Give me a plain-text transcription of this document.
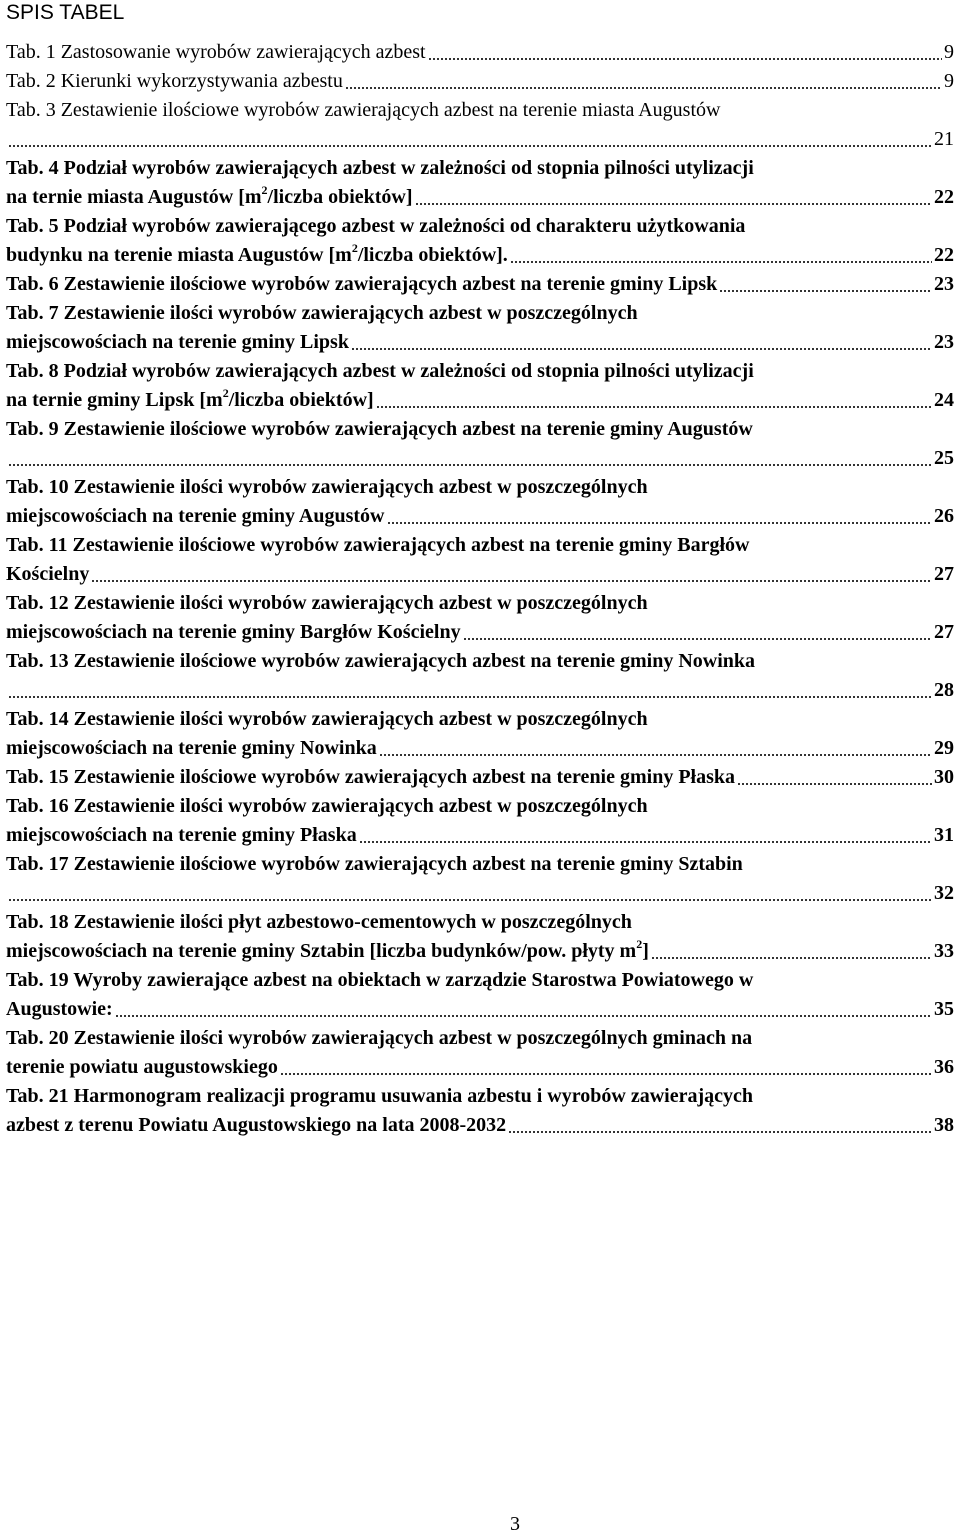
SPIS TABEL
Tab. 1 Zastosowanie wyrobów zawierających azbest	9
Tab. 2 Kierunki wykorzystywania azbestu	9
Tab. 3 Zestawienie ilościowe wyrobów zawierających azbest na terenie miasta Augustów
21
Tab. 4 Podział wyrobów zawierających azbest w zależności od stopnia pilności utylizacji
na ternie miasta Augustów [$m^2$/liczba obiektów]	22
Tab. 5 Podział wyrobów zawierającego azbest w zależności od charakteru użytkowania
budynku na terenie miasta Augustów [$m^2$/liczba obiektów].	22
Tab. 6 Zestawienie ilościowe wyrobów zawierających azbest na terenie gminy Lipsk	23
Tab. 7 Zestawienie ilości wyrobów zawierających azbest w poszczególnych
miejscowościach na terenie gminy Lipsk	23
Tab. 8 Podział wyrobów zawierających azbest w zależności od stopnia pilności utylizacji
na ternie gminy Lipsk [$m^2$/liczba obiektów]	24
Tab. 9 Zestawienie ilościowe wyrobów zawierających azbest na terenie gminy Augustów
25
Tab. 10 Zestawienie ilości wyrobów zawierających azbest w poszczególnych
miejscowościach na terenie gminy Augustów	26
Tab. 11 Zestawienie ilościowe wyrobów zawierających azbest na terenie gminy Bargłów
Kościelny	27
Tab. 12 Zestawienie ilości wyrobów zawierających azbest w poszczególnych
miejscowościach na terenie gminy Bargłów Kościelny	27
Tab. 13 Zestawienie ilościowe wyrobów zawierających azbest na terenie gminy Nowinka
28
Tab. 14 Zestawienie ilości wyrobów zawierających azbest w poszczególnych
miejscowościach na terenie gminy Nowinka	29
Tab. 15 Zestawienie ilościowe wyrobów zawierających azbest na terenie gminy Płaska	30
Tab. 16 Zestawienie ilości wyrobów zawierających azbest w poszczególnych
miejscowościach na terenie gminy Płaska	31
Tab. 17 Zestawienie ilościowe wyrobów zawierających azbest na terenie gminy Sztabin
32
Tab. 18 Zestawienie ilości płyt azbestowo-cementowych w poszczególnych
miejscowościach na terenie gminy Sztabin [liczba budynków/pow. płyty $m^2$]	33
Tab. 19 Wyroby zawierające azbest na obiektach w zarządzie Starostwa Powiatowego w
Augustowie:	35
Tab. 20 Zestawienie ilości wyrobów zawierających azbest w poszczególnych gminach na
terenie powiatu augustowskiego	36
Tab. 21 Harmonogram realizacji programu usuwania azbestu i wyrobów zawierających
azbest z terenu Powiatu Augustowskiego na lata 2008-2032	38
3
